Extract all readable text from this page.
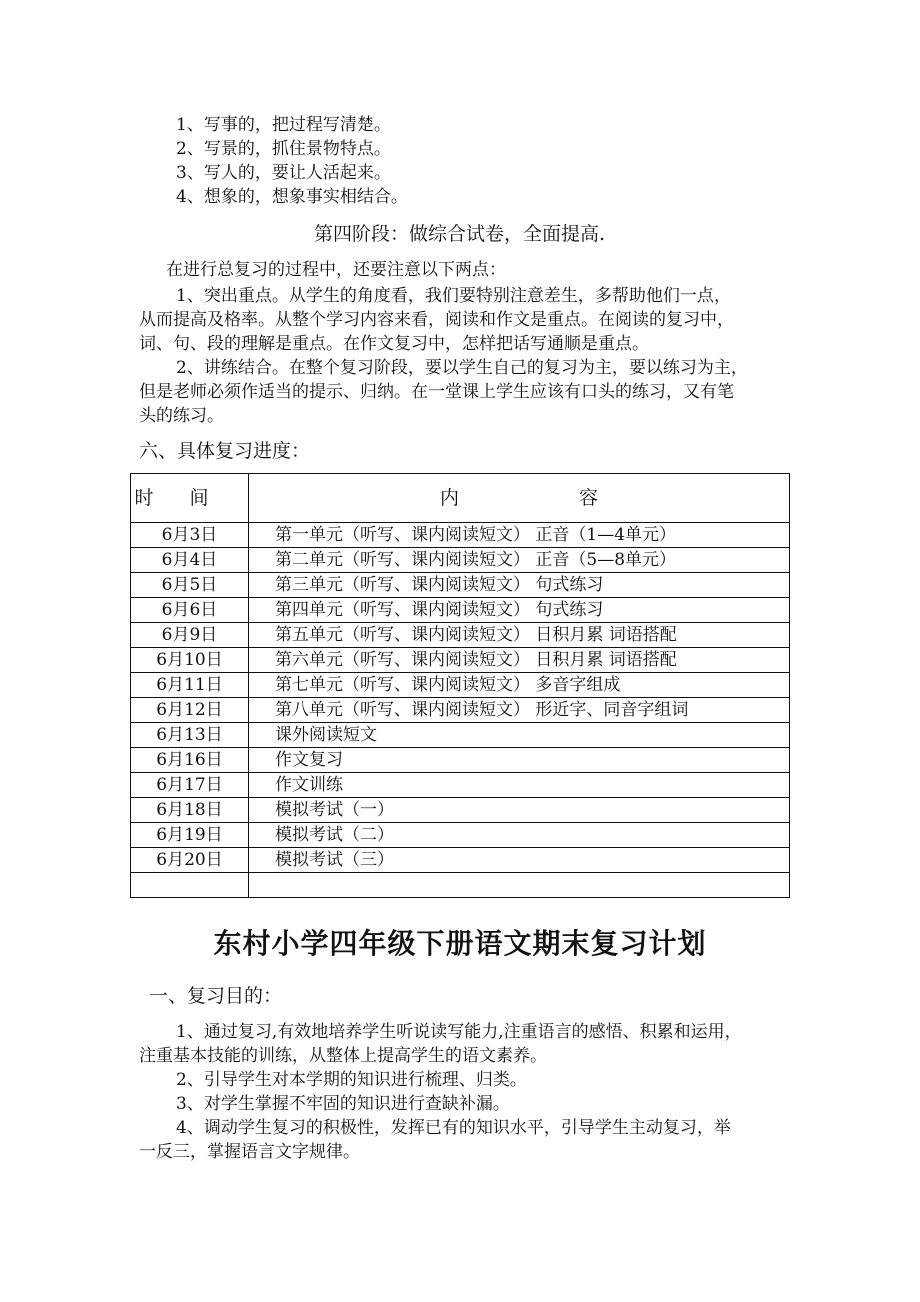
1、写事的，把过程写清楚。
2、写景的，抓住景物特点。
3、写人的，要让人活起来。
4、想象的，想象事实相结合。
第四阶段：做综合试卷，全面提高.
在进行总复习的过程中，还要注意以下两点：
1、突出重点。从学生的角度看，我们要特别注意差生，多帮助他们一点，
从而提高及格率。从整个学习内容来看，阅读和作文是重点。在阅读的复习中，
词、句、段的理解是重点。在作文复习中，怎样把话写通顺是重点。
2、讲练结合。在整个复习阶段，要以学生自己的复习为主，要以练习为主，
但是老师必须作适当的提示、归纳。在一堂课上学生应该有口头的练习，又有笔
头的练习。
六、具体复习进度：
时间	内 容
6月3日	第一单元（听写、课内阅读短文） 正音（1—4单元）
6月4日	第二单元（听写、课内阅读短文） 正音（5—8单元）
6月5日	第三单元（听写、课内阅读短文） 句式练习
6月6日	第四单元（听写、课内阅读短文） 句式练习
6月9日	第五单元（听写、课内阅读短文） 日积月累 词语搭配
6月10日	第六单元（听写、课内阅读短文） 日积月累 词语搭配
6月11日	第七单元（听写、课内阅读短文） 多音字组成
6月12日	第八单元（听写、课内阅读短文） 形近字、同音字组词
6月13日	课外阅读短文
6月16日	作文复习
6月17日	作文训练
6月18日	模拟考试（一）
6月19日	模拟考试（二）
6月20日	模拟考试（三）

东村小学四年级下册语文期末复习计划
一、复习目的：
1、通过复习,有效地培养学生听说读写能力,注重语言的感悟、积累和运用，
注重基本技能的训练，从整体上提高学生的语文素养。
2、引导学生对本学期的知识进行梳理、归类。
3、对学生掌握不牢固的知识进行查缺补漏。
4、调动学生复习的积极性，发挥已有的知识水平，引导学生主动复习，举
一反三，掌握语言文字规律。
